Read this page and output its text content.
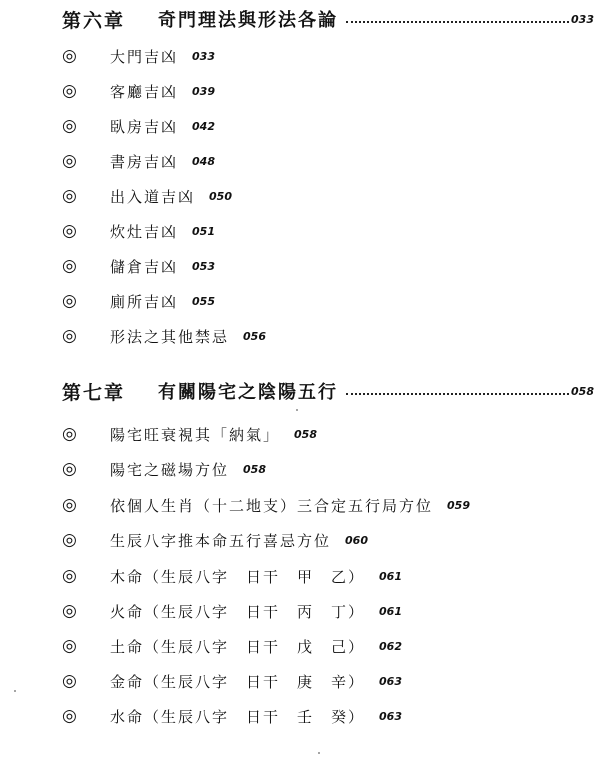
第六章	奇門理法與形法各論	033
◎	大門吉凶 033
◎	客廳吉凶 039
◎	臥房吉凶 042
◎	書房吉凶 048
◎	出入道吉凶 050
◎	炊灶吉凶 051
◎	儲倉吉凶 053
◎	廁所吉凶 055
◎	形法之其他禁忌 056
第七章	有關陽宅之陰陽五行	058
◎	陽宅旺衰視其「納氣」 058
◎	陽宅之磁場方位 058
◎	依個人生肖（十二地支）三合定五行局方位 059
◎	生辰八字推本命五行喜忌方位 060
◎	木命（生辰八字　日干　甲　乙） 061
◎	火命（生辰八字　日干　丙　丁） 061
◎	土命（生辰八字　日干　戊　己） 062
◎	金命（生辰八字　日干　庚　辛） 063
◎	水命（生辰八字　日干　壬　癸） 063
